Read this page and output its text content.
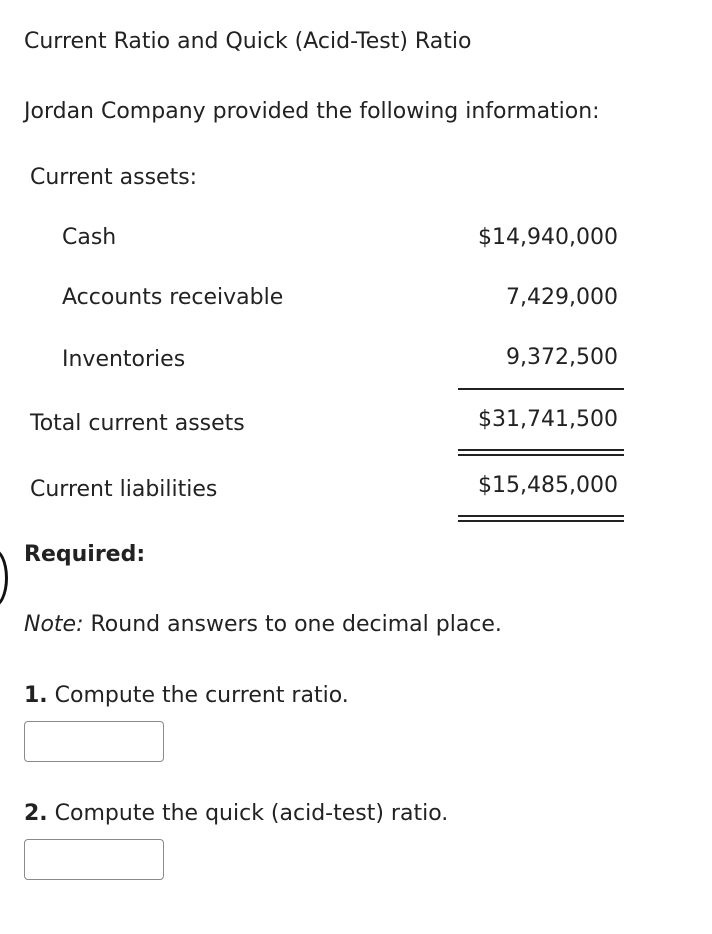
Current Ratio and Quick (Acid-Test) Ratio
Jordan Company provided the following information:
Current assets:
Cash	$14,940,000
Accounts receivable	7,429,000
Inventories	9,372,500
Total current assets	$31,741,500
Current liabilities	$15,485,000
Required:
Note: Round answers to one decimal place.
1. Compute the current ratio.
2. Compute the quick (acid-test) ratio.
